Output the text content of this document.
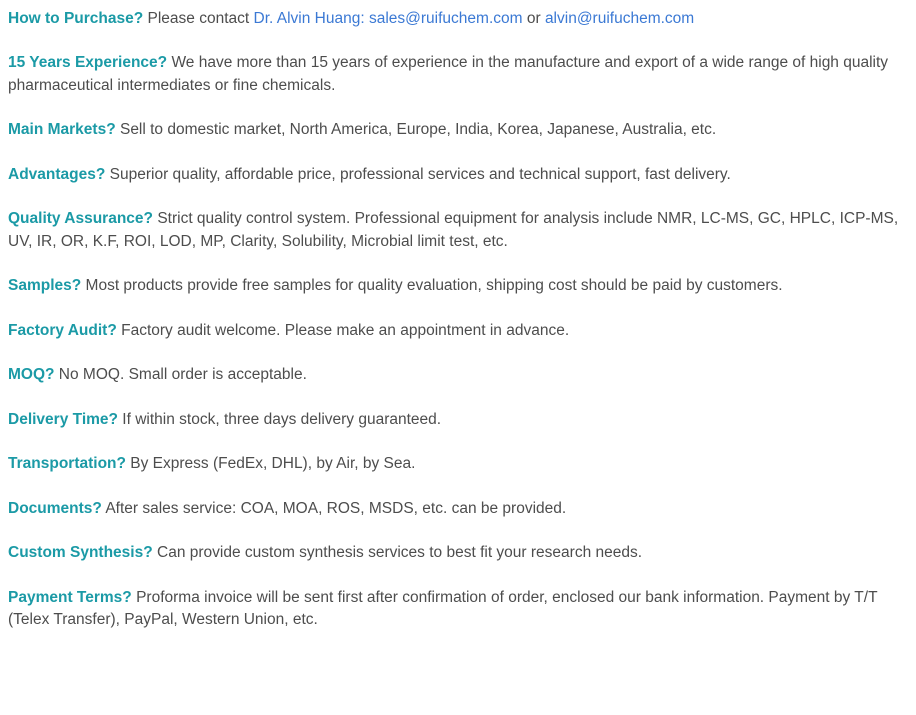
How to Purchase? Please contact Dr. Alvin Huang: sales@ruifuchem.com or alvin@ruifuchem.com

15 Years Experience? We have more than 15 years of experience in the manufacture and export of a wide range of high quality pharmaceutical intermediates or fine chemicals.

Main Markets? Sell to domestic market, North America, Europe, India, Korea, Japanese, Australia, etc.

Advantages? Superior quality, affordable price, professional services and technical support, fast delivery.

Quality Assurance? Strict quality control system. Professional equipment for analysis include NMR, LC-MS, GC, HPLC, ICP-MS, UV, IR, OR, K.F, ROI, LOD, MP, Clarity, Solubility, Microbial limit test, etc.

Samples? Most products provide free samples for quality evaluation, shipping cost should be paid by customers.

Factory Audit? Factory audit welcome. Please make an appointment in advance.

MOQ? No MOQ. Small order is acceptable.

Delivery Time? If within stock, three days delivery guaranteed.

Transportation? By Express (FedEx, DHL), by Air, by Sea.

Documents? After sales service: COA, MOA, ROS, MSDS, etc. can be provided.

Custom Synthesis? Can provide custom synthesis services to best fit your research needs.

Payment Terms? Proforma invoice will be sent first after confirmation of order, enclosed our bank information. Payment by T/T (Telex Transfer), PayPal, Western Union, etc.
